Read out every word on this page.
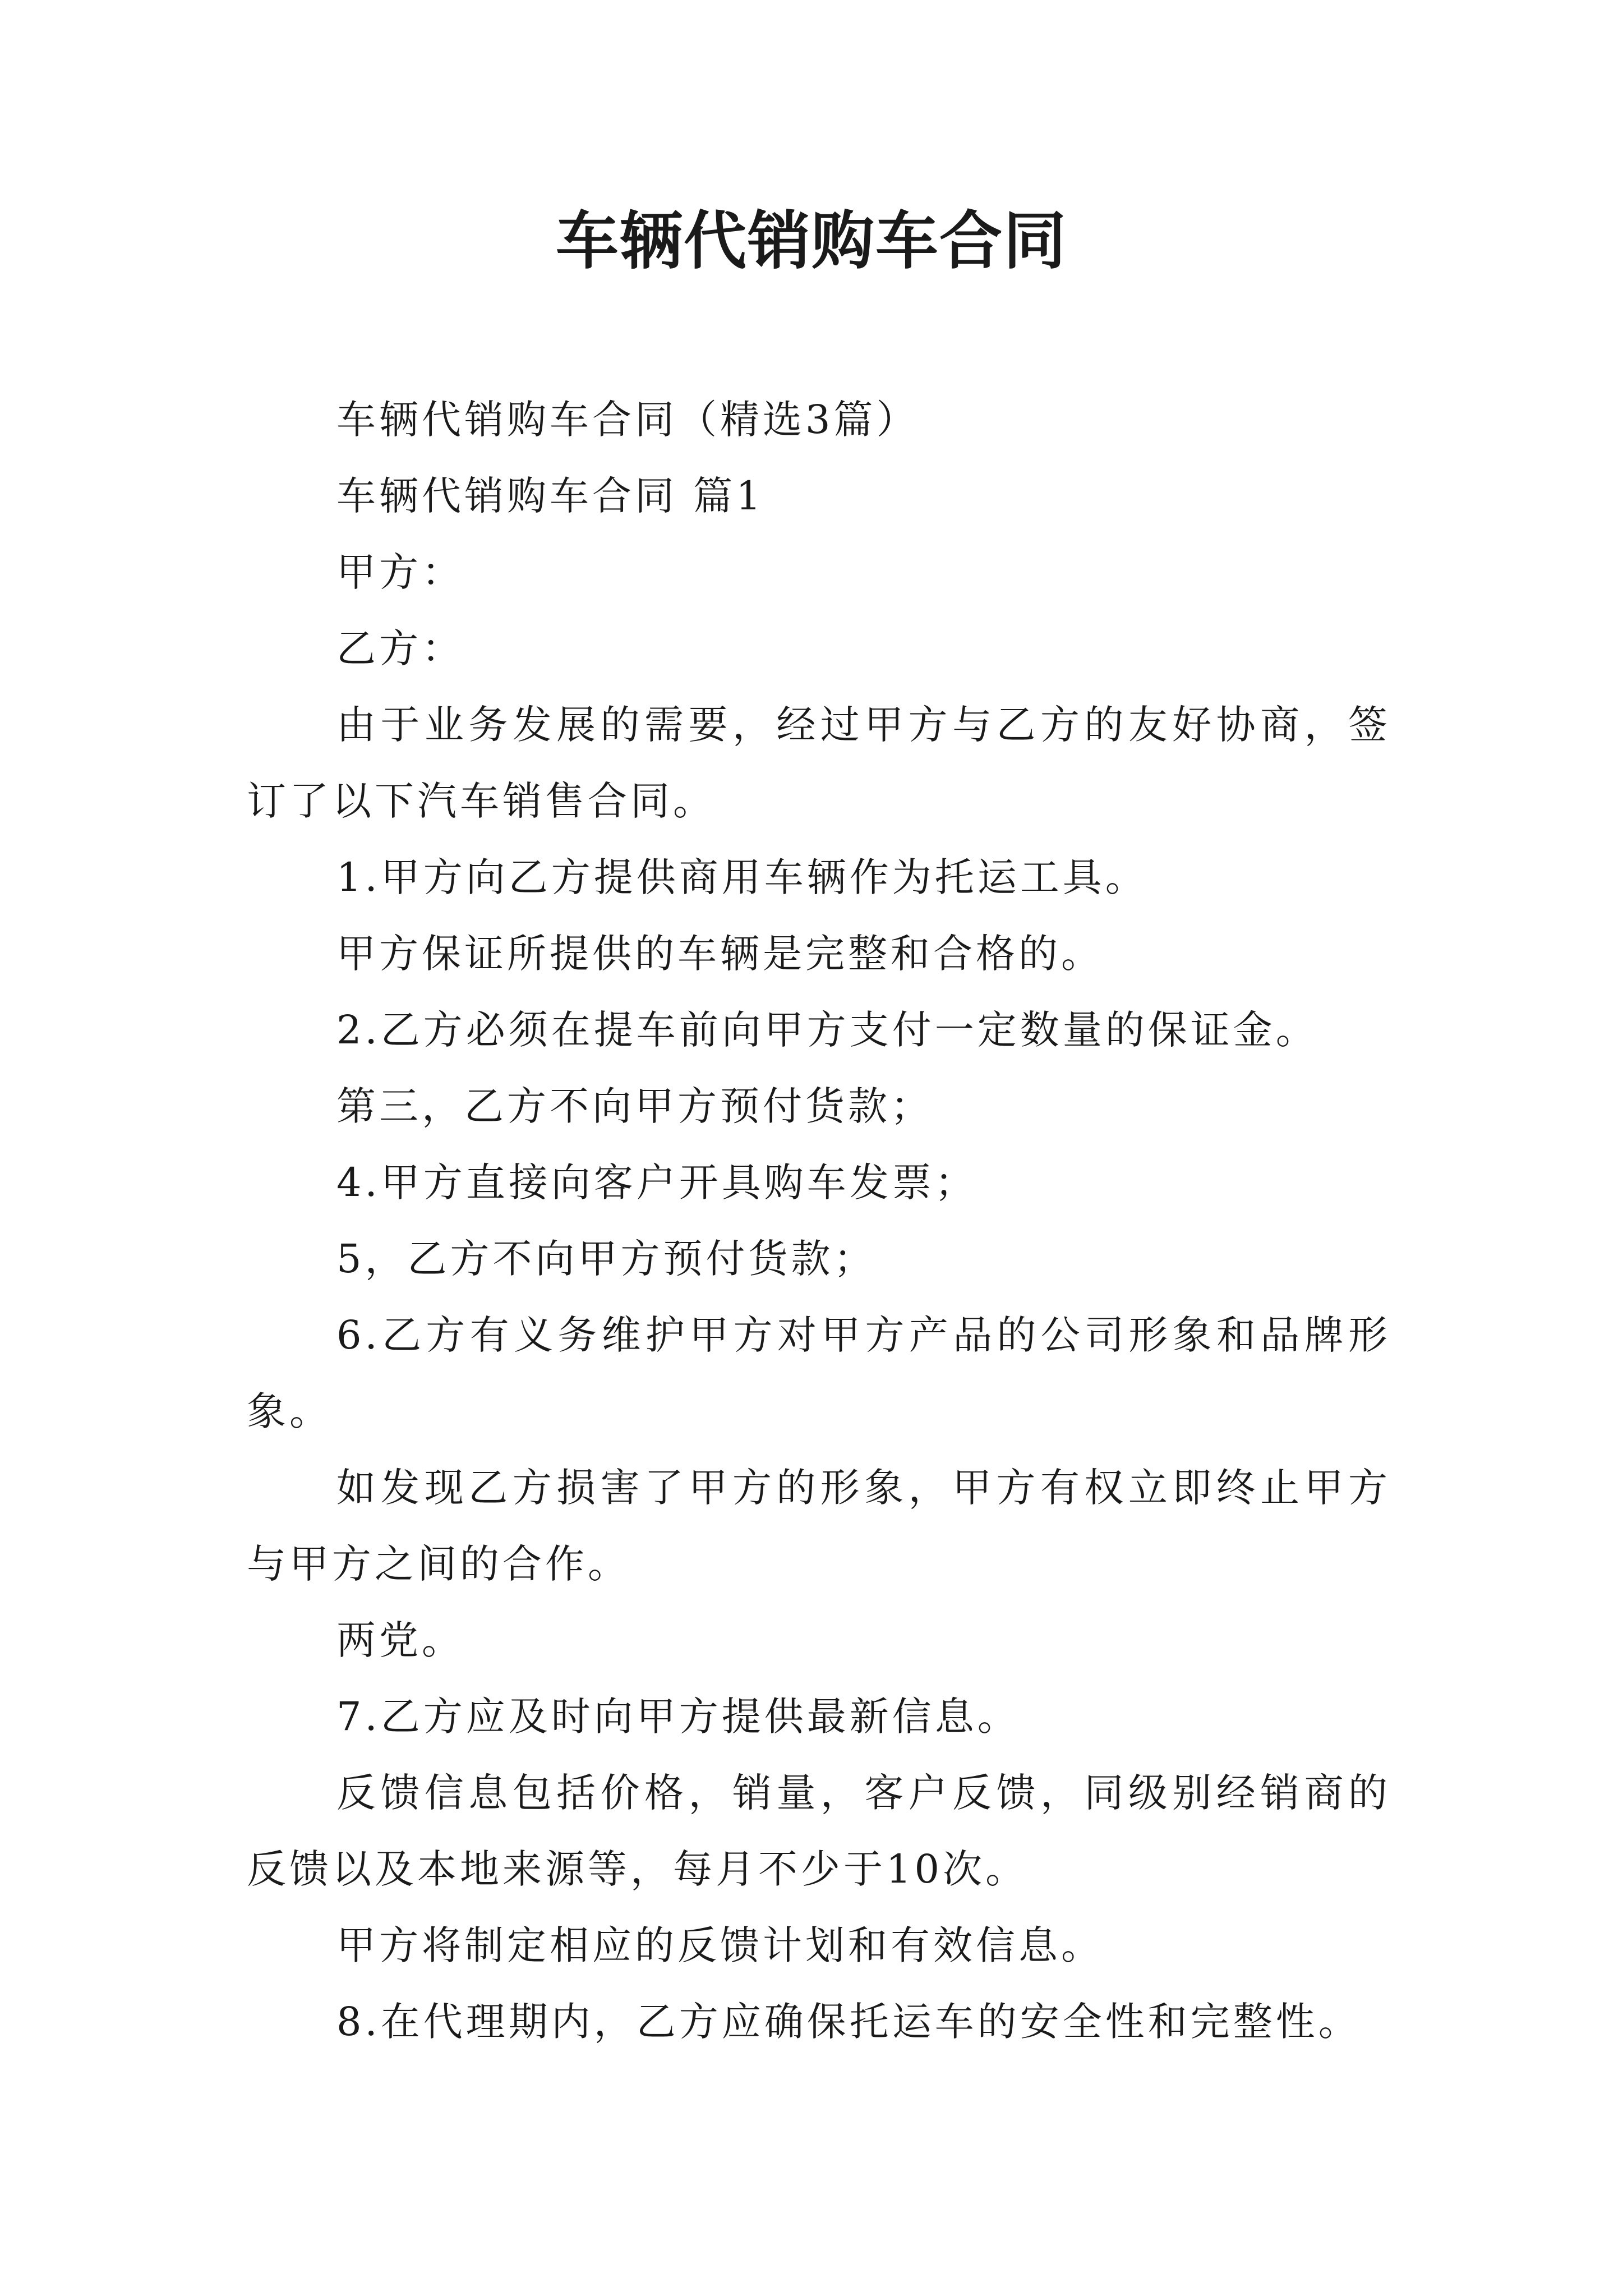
车辆代销购车合同

车辆代销购车合同（精选3篇）

车辆代销购车合同 篇1

甲方：

乙方：

由于业务发展的需要，经过甲方与乙方的友好协商，签订了以下汽车销售合同。

1.甲方向乙方提供商用车辆作为托运工具。

甲方保证所提供的车辆是完整和合格的。

2.乙方必须在提车前向甲方支付一定数量的保证金。

第三，乙方不向甲方预付货款；

4.甲方直接向客户开具购车发票；

5，乙方不向甲方预付货款；

6.乙方有义务维护甲方对甲方产品的公司形象和品牌形象。

如发现乙方损害了甲方的形象，甲方有权立即终止甲方与甲方之间的合作。

两党。

7.乙方应及时向甲方提供最新信息。

反馈信息包括价格，销量，客户反馈，同级别经销商的反馈以及本地来源等，每月不少于10次。

甲方将制定相应的反馈计划和有效信息。

8.在代理期内，乙方应确保托运车的安全性和完整性。
